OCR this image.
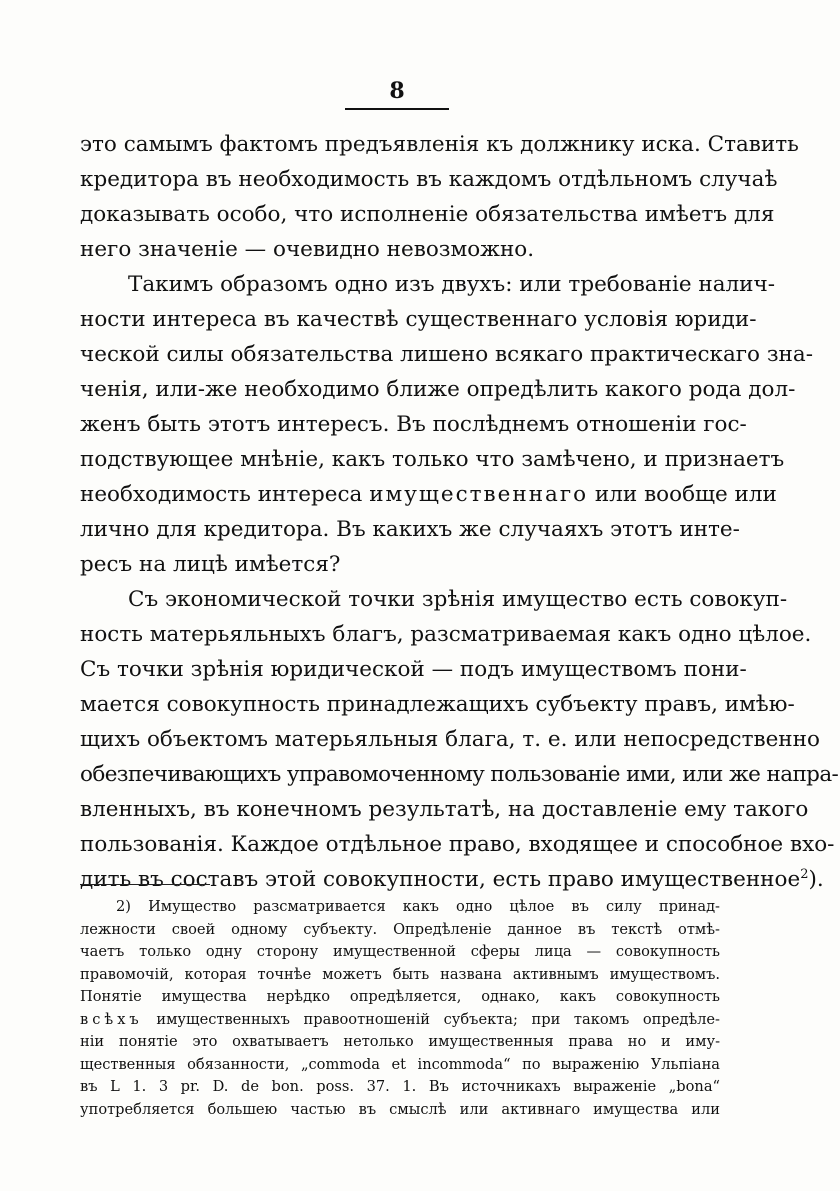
8
это самымъ фактомъ предъявленія къ должнику иска. Ставить
кредитора въ необходимость въ каждомъ отдѣльномъ случаѣ
доказывать особо, что исполненіе обязательства имѣетъ для
него значеніе — очевидно невозможно.
Такимъ образомъ одно изъ двухъ: или требованіе налич-
ности интереса въ качествѣ существеннаго условія юриди-
ческой силы обязательства лишено всякаго практическаго зна-
ченія, или-же необходимо ближе опредѣлить какого рода дол-
женъ быть этотъ интересъ. Въ послѣднемъ отношеніи гос-
подствующее мнѣніе, какъ только что замѣчено, и признаетъ
необходимость интереса имущественнаго или вообще или
лично для кредитора. Въ какихъ же случаяхъ этотъ инте-
ресъ на лицѣ имѣется?
Съ экономической точки зрѣнія имущество есть совокуп-
ность матерьяльныхъ благъ, разсматриваемая какъ одно цѣлое.
Съ точки зрѣнія юридической — подъ имуществомъ пони-
мается совокупность принадлежащихъ субъекту правъ, имѣю-
щихъ объектомъ матерьяльныя блага, т. е. или непосредственно
обезпечивающихъ управомоченному пользованіе ими, или же напра-
вленныхъ, въ конечномъ результатѣ, на доставленіе ему такого
пользованія. Каждое отдѣльное право, входящее и способное вхо-
дить въ составъ этой совокупности, есть право имущественное$^2$).
2) Имущество разсматривается какъ одно цѣлое въ силу принад-
лежности своей одному субъекту. Опредѣленіе данное въ текстѣ отмѣ-
чаетъ только одну сторону имущественной сферы лица — совокупность
правомочій, которая точнѣе можетъ быть названа активнымъ имуществомъ.
Понятіе имущества нерѣдко опредѣляется, однако, какъ совокупность
всѣхъ имущественныхъ правоотношеній субъекта; при такомъ опредѣле-
ніи понятіе это охватываетъ нетолько имущественныя права но и иму-
щественныя обязанности, „commoda et incommoda“ по выраженію Ульпіана
въ L 1. 3 pr. D. de bon. poss. 37. 1. Въ источникахъ выраженіе „bona“
употребляется большею частью въ смыслѣ или активнаго имущества или
